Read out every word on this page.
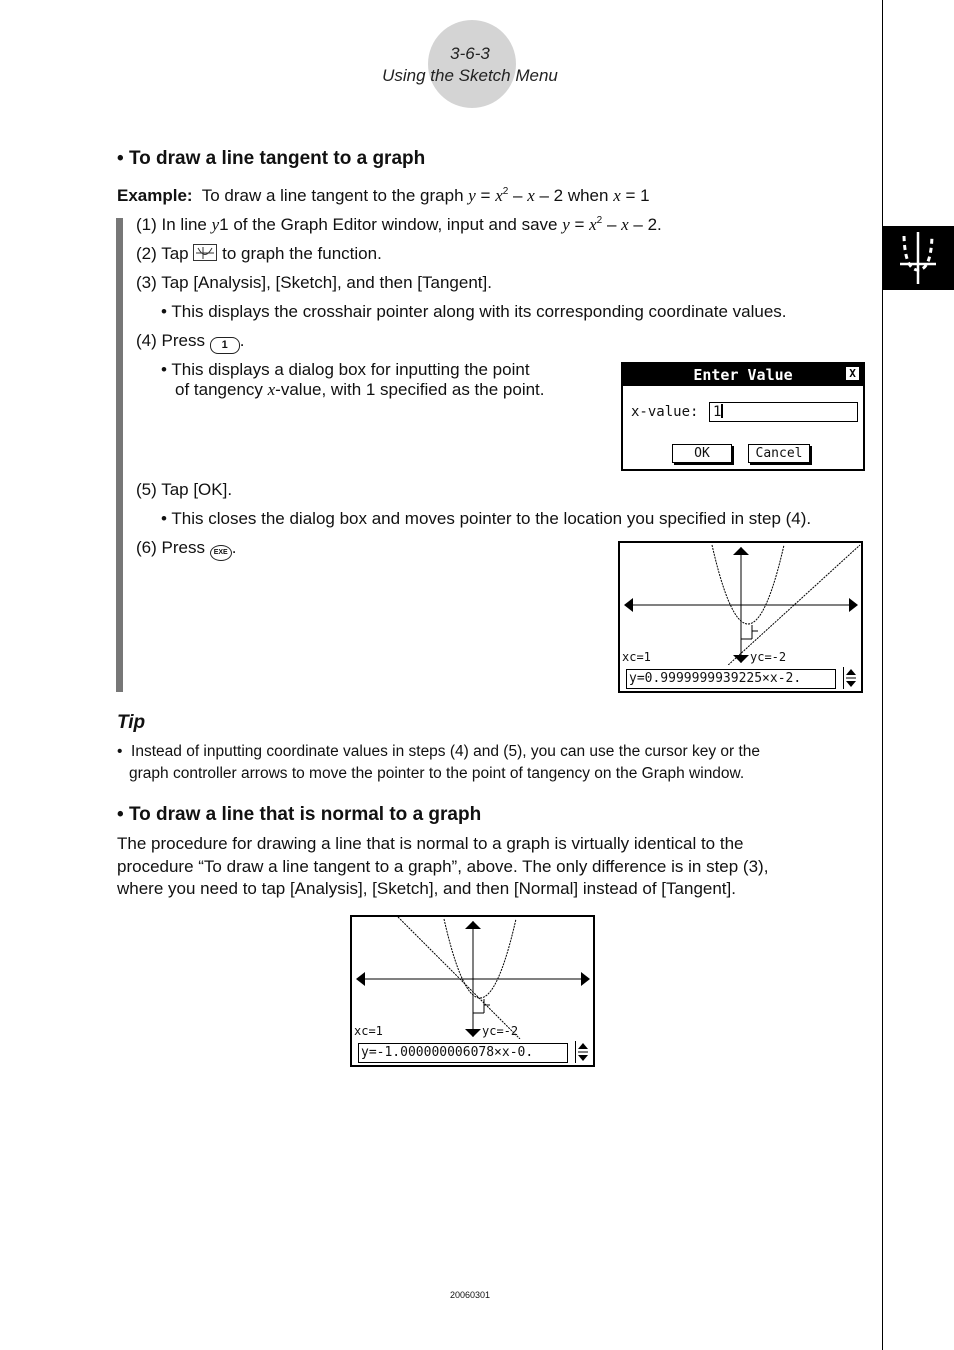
3-6-3
Using the Sketch Menu
• To draw a line tangent to a graph
Example: To draw a line tangent to the graph $y = x^2 - x - 2$ when x = 1
(1) In line y1 of the Graph Editor window, input and save $y = x^2 - x - 2$.
(2) Tap to graph the function.
(3) Tap [Analysis], [Sketch], and then [Tangent].
• This displays the crosshair pointer along with its corresponding coordinate values.
(4) Press 1 .
• This displays a dialog box for inputting the point
of tangency x-value, with 1 specified as the point.
Enter Value	X
x-value: 1
OK	Cancel
(5) Tap [OK].
• This closes the dialog box and moves pointer to the location you specified in step (4).
(6) Press EXE .
xc=1	yc=-2
y=0.9999999939225×x-2.
Tip
•  Instead of inputting coordinate values in steps (4) and (5), you can use the cursor key or the
graph controller arrows to move the pointer to the point of tangency on the Graph window.
• To draw a line that is normal to a graph
The procedure for drawing a line that is normal to a graph is virtually identical to the
procedure “To draw a line tangent to a graph”, above. The only difference is in step (3),
where you need to tap [Analysis], [Sketch], and then [Normal] instead of [Tangent].
xc=1	yc=-2
y=-1.000000006078×x-0.
20060301
